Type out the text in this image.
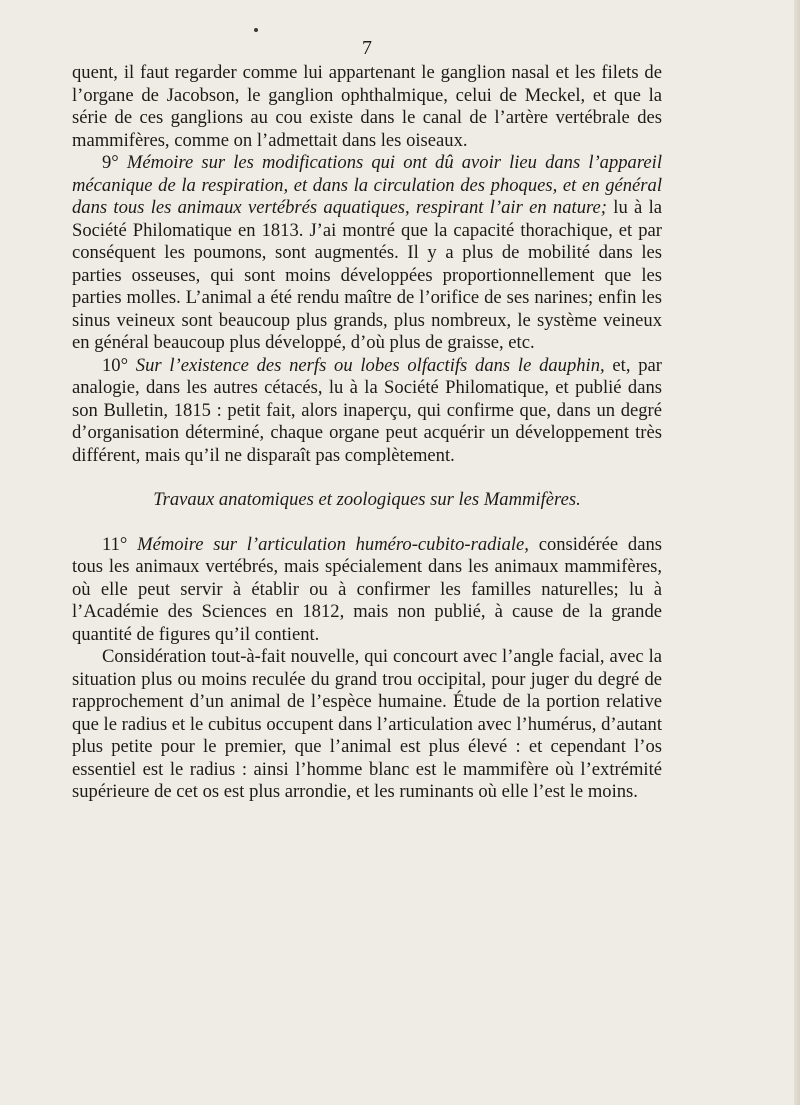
7

quent, il faut regarder comme lui appartenant le ganglion nasal et les filets de l’organe de Jacobson, le ganglion ophthalmique, celui de Meckel, et que la série de ces ganglions au cou existe dans le canal de l’artère vertébrale des mammifères, comme on l’admettait dans les oiseaux.

9° Mémoire sur les modifications qui ont dû avoir lieu dans l’appareil mécanique de la respiration, et dans la circulation des phoques, et en général dans tous les animaux vertébrés aquatiques, respirant l’air en nature; lu à la Société Philomatique en 1813. J’ai montré que la capacité thorachique, et par conséquent les poumons, sont augmentés. Il y a plus de mobilité dans les parties osseuses, qui sont moins développées proportionnellement que les parties molles. L’animal a été rendu maître de l’orifice de ses narines; enfin les sinus veineux sont beaucoup plus grands, plus nombreux, le système veineux en général beaucoup plus développé, d’où plus de graisse, etc.

10° Sur l’existence des nerfs ou lobes olfactifs dans le dauphin, et, par analogie, dans les autres cétacés, lu à la Société Philomatique, et publié dans son Bulletin, 1815 : petit fait, alors inaperçu, qui confirme que, dans un degré d’organisation déterminé, chaque organe peut acquérir un développement très différent, mais qu’il ne disparaît pas complètement.

Travaux anatomiques et zoologiques sur les Mammifères.

11° Mémoire sur l’articulation huméro-cubito-radiale, considérée dans tous les animaux vertébrés, mais spécialement dans les animaux mammifères, où elle peut servir à établir ou à confirmer les familles naturelles; lu à l’Académie des Sciences en 1812, mais non publié, à cause de la grande quantité de figures qu’il contient.

Considération tout-à-fait nouvelle, qui concourt avec l’angle facial, avec la situation plus ou moins reculée du grand trou occipital, pour juger du degré de rapprochement d’un animal de l’espèce humaine. Étude de la portion relative que le radius et le cubitus occupent dans l’articulation avec l’humérus, d’autant plus petite pour le premier, que l’animal est plus élevé : et cependant l’os essentiel est le radius : ainsi l’homme blanc est le mammifère où l’extrémité supérieure de cet os est plus arrondie, et les ruminants où elle l’est le moins.
